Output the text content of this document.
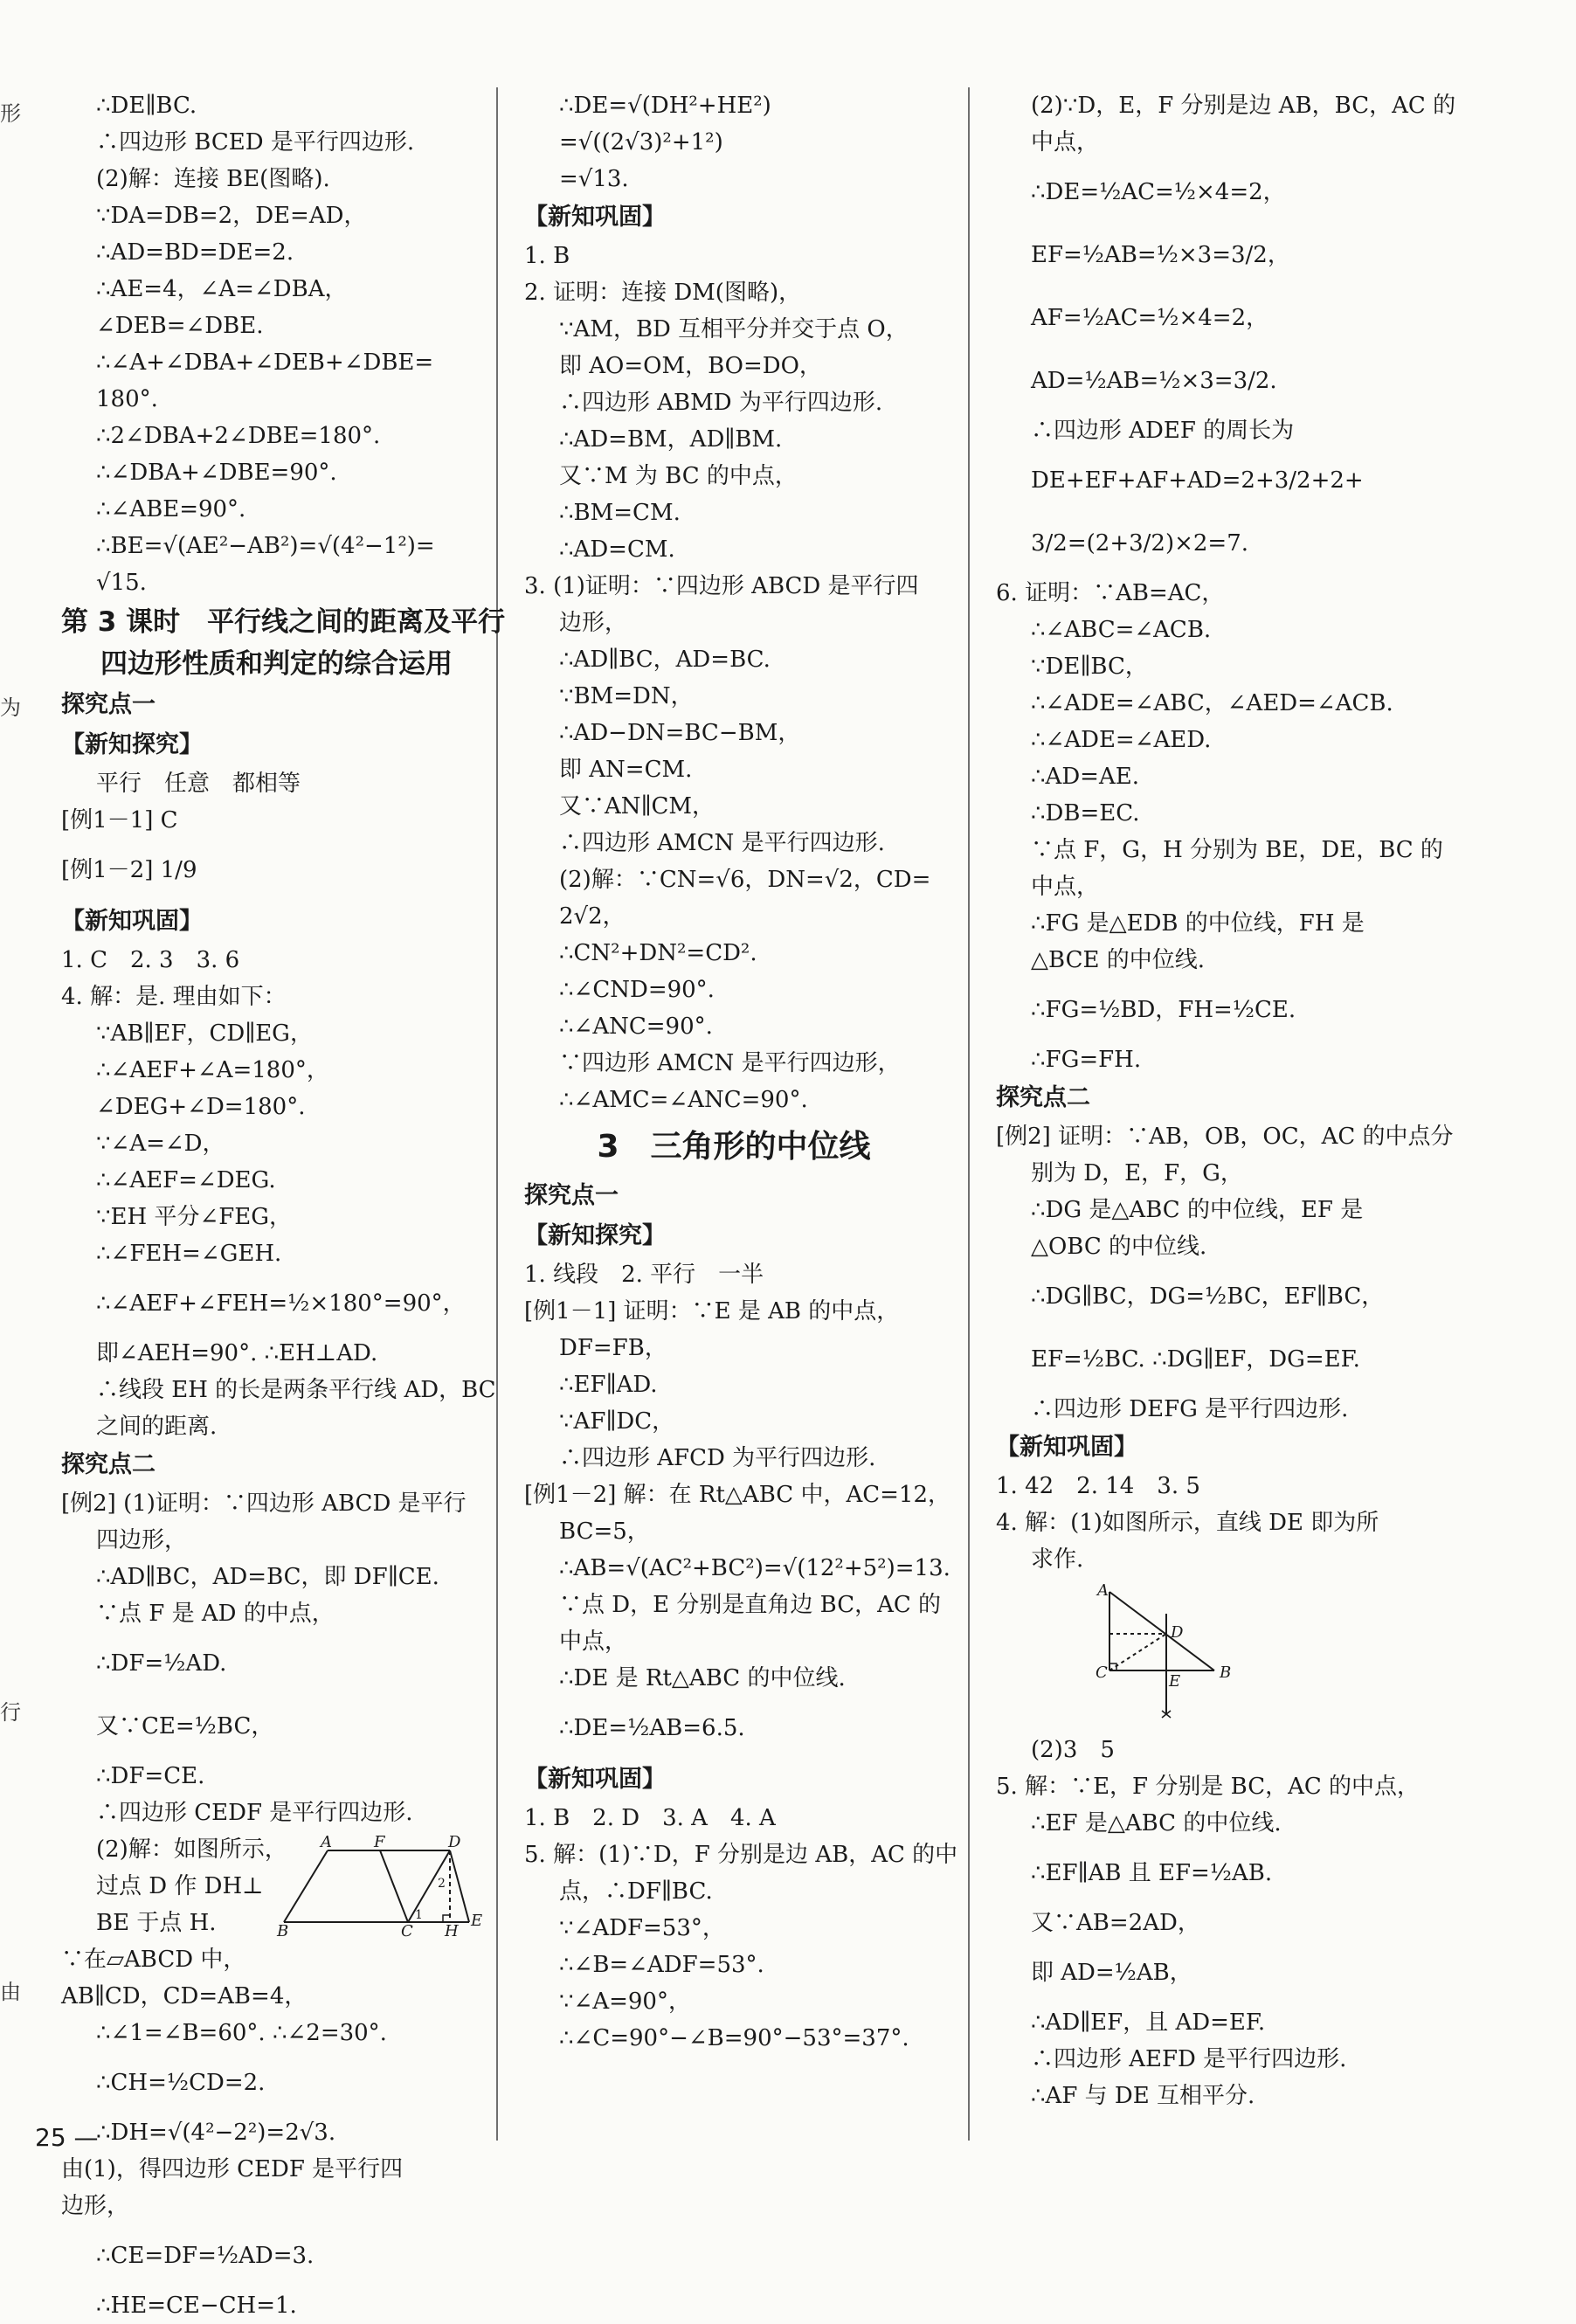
形
为
行
由
∴DE∥BC.
∴四边形 BCED 是平行四边形.
(2)解：连接 BE(图略).
∵DA=DB=2，DE=AD，
∴AD=BD=DE=2.
∴AE=4，∠A=∠DBA，
∠DEB=∠DBE.
∴∠A+∠DBA+∠DEB+∠DBE=
180°.
∴2∠DBA+2∠DBE=180°.
∴∠DBA+∠DBE=90°.
∴∠ABE=90°.
∴BE=√(AE²−AB²)=√(4²−1²)=
√15.
第 3 课时　平行线之间的距离及平行
四边形性质和判定的综合运用
探究点一
【新知探究】
平行　任意　都相等
[例1－1] C
[例1－2] 1/9
【新知巩固】
1. C　2. 3　3. 6
4. 解：是. 理由如下：
∵AB∥EF，CD∥EG，
∴∠AEF+∠A=180°，
∠DEG+∠D=180°.
∵∠A=∠D，
∴∠AEF=∠DEG.
∵EH 平分∠FEG，
∴∠FEH=∠GEH.
∴∠AEF+∠FEH=½×180°=90°，
即∠AEH=90°. ∴EH⊥AD.
∴线段 EH 的长是两条平行线 AD，BC
之间的距离.
探究点二
[例2] (1)证明：∵四边形 ABCD 是平行
四边形，
∴AD∥BC，AD=BC，即 DF∥CE.
∵点 F 是 AD 的中点，
∴DF=½AD.
又∵CE=½BC，
∴DF=CE.
∴四边形 CEDF 是平行四边形.
(2)解：如图所示，
过点 D 作 DH⊥
BE 于点 H.
A	F	D
B	C H
E
1
2
∵在▱ABCD 中，
AB∥CD，CD=AB=4，
∴∠1=∠B=60°. ∴∠2=30°.
∴CH=½CD=2.
∴DH=√(4²−2²)=2√3.
由(1)，得四边形 CEDF 是平行四
边形，
∴CE=DF=½AD=3.
∴HE=CE−CH=1.
∴DE=√(DH²+HE²)
=√((2√3)²+1²)
=√13.
【新知巩固】
1. B
2. 证明：连接 DM(图略)，
∵AM，BD 互相平分并交于点 O，
即 AO=OM，BO=DO，
∴四边形 ABMD 为平行四边形.
∴AD=BM，AD∥BM.
又∵M 为 BC 的中点，
∴BM=CM.
∴AD=CM.
3. (1)证明：∵四边形 ABCD 是平行四
边形，
∴AD∥BC，AD=BC.
∵BM=DN，
∴AD−DN=BC−BM，
即 AN=CM.
又∵AN∥CM，
∴四边形 AMCN 是平行四边形.
(2)解：∵CN=√6，DN=√2，CD=
2√2，
∴CN²+DN²=CD².
∴∠CND=90°.
∴∠ANC=90°.
∵四边形 AMCN 是平行四边形，
∴∠AMC=∠ANC=90°.
3　三角形的中位线
探究点一
【新知探究】
1. 线段　2. 平行　一半
[例1－1] 证明：∵E 是 AB 的中点，
DF=FB，
∴EF∥AD.
∵AF∥DC，
∴四边形 AFCD 为平行四边形.
[例1－2] 解：在 Rt△ABC 中，AC=12，
BC=5，
∴AB=√(AC²+BC²)=√(12²+5²)=13.
∵点 D，E 分别是直角边 BC，AC 的
中点，
∴DE 是 Rt△ABC 的中位线.
∴DE=½AB=6.5.
【新知巩固】
1. B　2. D　3. A　4. A
5. 解：(1)∵D，F 分别是边 AB，AC 的中
点，∴DF∥BC.
∵∠ADF=53°，
∴∠B=∠ADF=53°.
∵∠A=90°，
∴∠C=90°−∠B=90°−53°=37°.
(2)∵D，E，F 分别是边 AB，BC，AC 的
中点，
∴DE=½AC=½×4=2，
EF=½AB=½×3=3/2，
AF=½AC=½×4=2，
AD=½AB=½×3=3/2.
∴四边形 ADEF 的周长为
DE+EF+AF+AD=2+3/2+2+
3/2=(2+3/2)×2=7.
6. 证明：∵AB=AC，
∴∠ABC=∠ACB.
∵DE∥BC，
∴∠ADE=∠ABC，∠AED=∠ACB.
∴∠ADE=∠AED.
∴AD=AE.
∴DB=EC.
∵点 F，G，H 分别为 BE，DE，BC 的
中点，
∴FG 是△EDB 的中位线，FH 是
△BCE 的中位线.
∴FG=½BD，FH=½CE.
∴FG=FH.
探究点二
[例2] 证明：∵AB，OB，OC，AC 的中点分
别为 D，E，F，G，
∴DG 是△ABC 的中位线，EF 是
△OBC 的中位线.
∴DG∥BC，DG=½BC，EF∥BC，
EF=½BC. ∴DG∥EF，DG=EF.
∴四边形 DEFG 是平行四边形.
【新知巩固】
1. 42　2. 14　3. 5
4. 解：(1)如图所示，直线 DE 即为所
求作.
A
D
C	E B
(2)3　5
5. 解：∵E，F 分别是 BC，AC 的中点，
∴EF 是△ABC 的中位线.
∴EF∥AB 且 EF=½AB.
又∵AB=2AD，
即 AD=½AB，
∴AD∥EF，且 AD=EF.
∴四边形 AEFD 是平行四边形.
∴AF 与 DE 互相平分.
25 —
